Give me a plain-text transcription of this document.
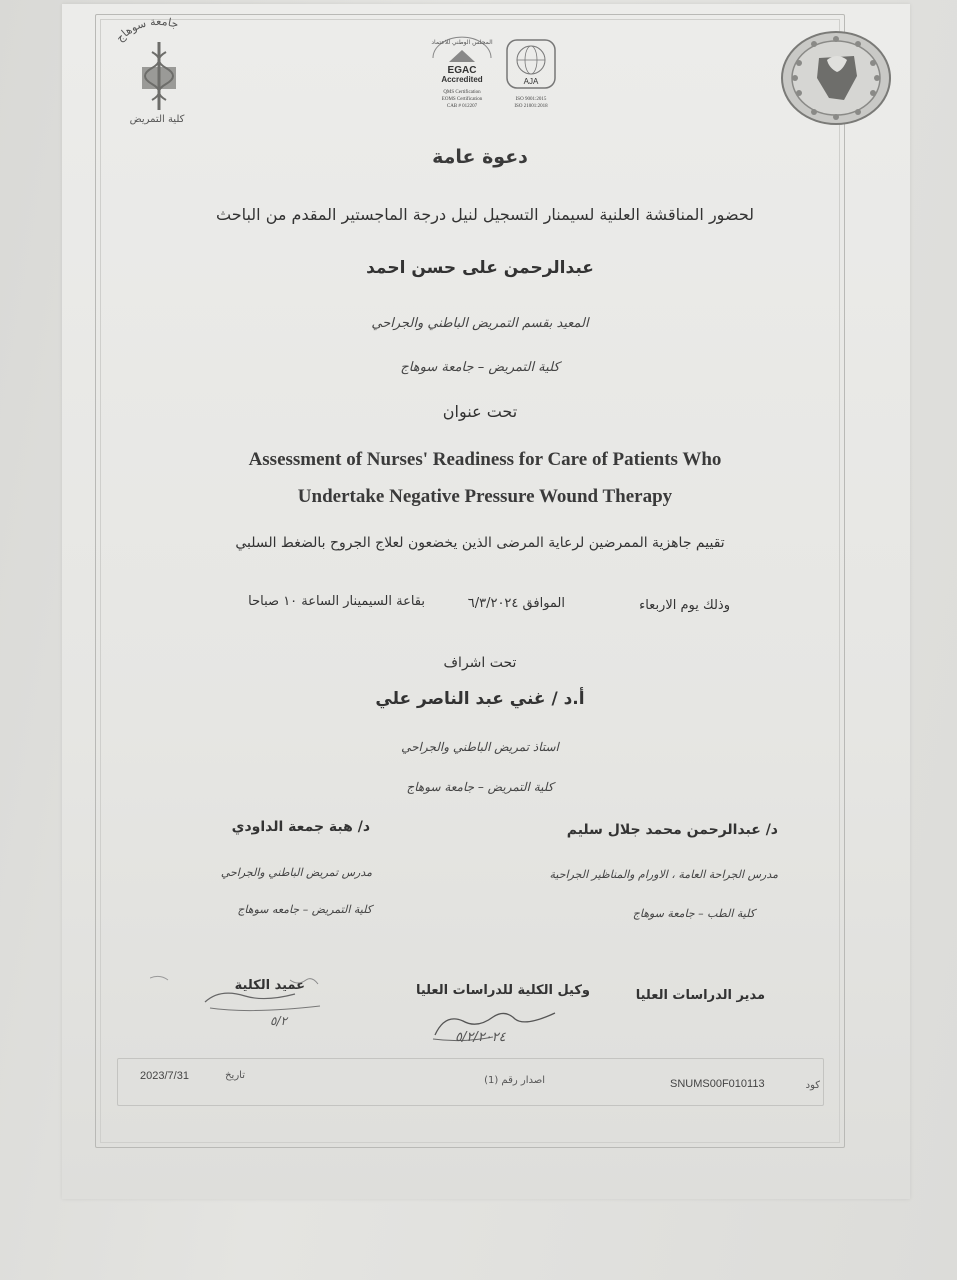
جامعة سوهاج
كلية التمريض
المجلس الوطني للاعتماد
EGAC
Accredited
QMS Certification
EOMS Certification
CAB # 012207
AJA
ISO 9001:2015
ISO 21001:2018
دعوة عامة
لحضور المناقشة العلنية لسيمنار التسجيل لنيل درجة الماجستير المقدم من الباحث
عبدالرحمن على حسن احمد
المعيد بقسم التمريض الباطني والجراحي
كلية التمريض – جامعة سوهاج
تحت عنوان
Assessment of Nurses' Readiness for Care of Patients Who
Undertake Negative Pressure Wound Therapy
تقييم جاهزية الممرضين لرعاية المرضى الذين يخضعون لعلاج الجروح بالضغط السلبي
وذلك يوم الاربعاء
الموافق ٦/٣/٢٠٢٤
بقاعة السيمينار الساعة ١٠ صباحا
تحت اشراف
أ.د / غني عبد الناصر علي
استاذ تمريض الباطني والجراحي
كلية التمريض – جامعة سوهاج
د/ عبدالرحمن محمد جلال سليم
مدرس الجراحة العامة ، الاورام والمناظير الجراحية
كلية الطب – جامعة سوهاج
د/ هبة جمعة الداودي
مدرس تمريض الباطني والجراحي
كلية التمريض – جامعه سوهاج
مدير الدراسات العليا
وكيل الكلية للدراسات العليا
عميد الكلية
٥/٢/٢٠٢٤
٥/٢
كود
SNUMS00F010113
اصدار رقم (1)
تاريخ
2023/7/31
